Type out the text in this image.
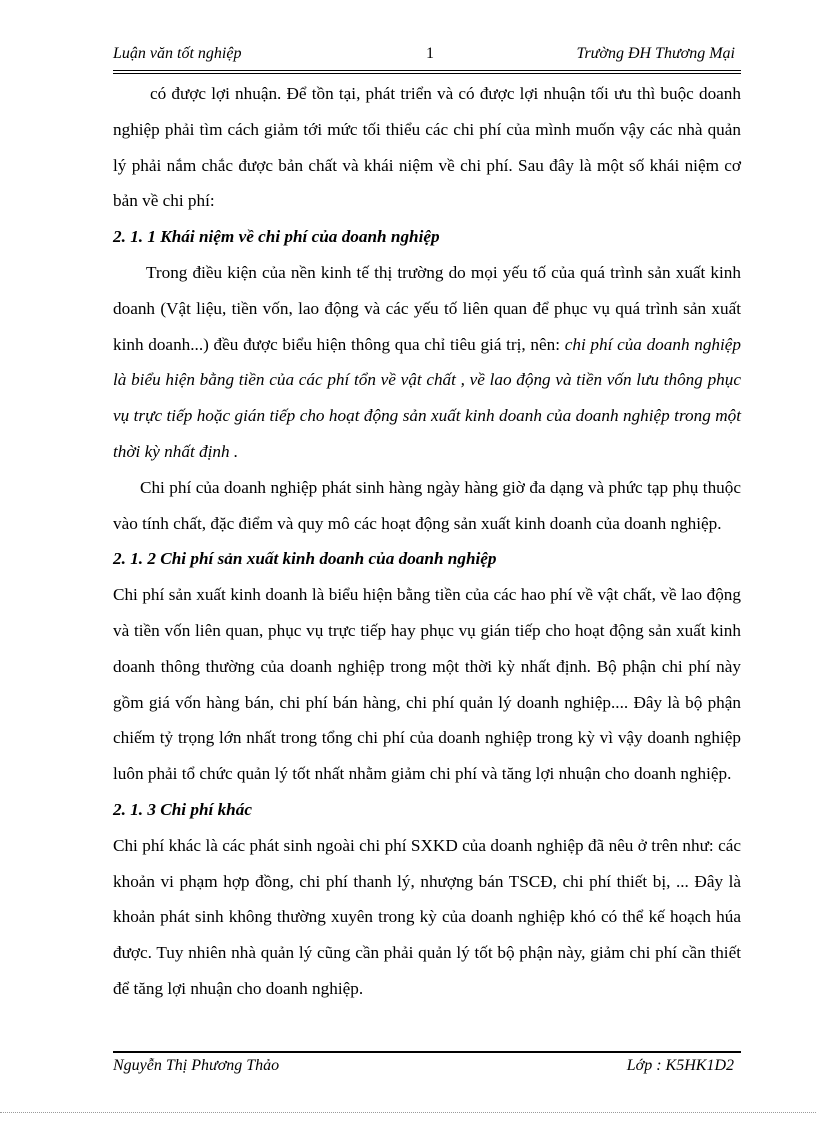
Luận văn tốt nghiệp	1	Trường ĐH Thương Mại

có được lợi nhuận. Để tồn tại, phát triển và có được lợi nhuận tối ưu thì buộc doanh nghiệp phải tìm cách giảm tới mức tối thiểu các chi phí của mình muốn vậy các nhà quản lý phải nắm chắc được bản chất và khái niệm về chi phí. Sau đây là một số khái niệm cơ bản về chi phí:

2. 1. 1 Khái niệm về chi phí của doanh nghiệp

Trong điều kiện của nền kinh tế thị trường do mọi yếu tố của quá trình sản xuất kinh doanh (Vật liệu, tiền vốn, lao động và các yếu tố liên quan để phục vụ quá trình sản xuất kinh doanh...) đều được biểu hiện thông qua chỉ tiêu giá trị, nên: chi phí của doanh nghiệp là biểu hiện bằng tiền của các phí tổn về vật chất , về lao động và tiền vốn lưu thông phục vụ trực tiếp hoặc gián tiếp cho hoạt động sản xuất kinh doanh của doanh nghiệp trong một thời kỳ nhất định .

Chi phí của doanh nghiệp phát sinh hàng ngày hàng giờ đa dạng và phức tạp phụ thuộc vào tính chất, đặc điểm và quy mô các hoạt động sản xuất kinh doanh của doanh nghiệp.

2. 1. 2 Chi phí sản xuất kinh doanh của doanh nghiệp

Chi phí sản xuất kinh doanh là biểu hiện bằng tiền của các hao phí về vật chất, về lao động và tiền vốn liên quan, phục vụ trực tiếp hay phục vụ gián tiếp cho hoạt động sản xuất kinh doanh thông thường của doanh nghiệp trong một thời kỳ nhất định. Bộ phận chi phí này gồm giá vốn hàng bán, chi phí bán hàng, chi phí quản lý doanh nghiệp.... Đây là bộ phận chiếm tỷ trọng lớn nhất trong tổng chi phí của doanh nghiệp trong kỳ vì vậy doanh nghiệp luôn phải tổ chức quản lý tốt nhất nhằm giảm chi phí và tăng lợi nhuận cho doanh nghiệp.

2. 1. 3 Chi phí khác

Chi phí khác là các phát sinh ngoài chi phí SXKD của doanh nghiệp đã nêu ở trên như: các khoản vi phạm hợp đồng, chi phí thanh lý, nhượng bán TSCĐ, chi phí thiết bị, ... Đây là khoản phát sinh không thường xuyên trong kỳ của doanh nghiệp khó có thể kế hoạch húa được. Tuy nhiên nhà quản lý cũng cần phải quản lý tốt bộ phận này, giảm chi phí cần thiết để tăng lợi nhuận cho doanh nghiệp.

Nguyễn Thị Phương Thảo	Lớp : K5HK1D2
